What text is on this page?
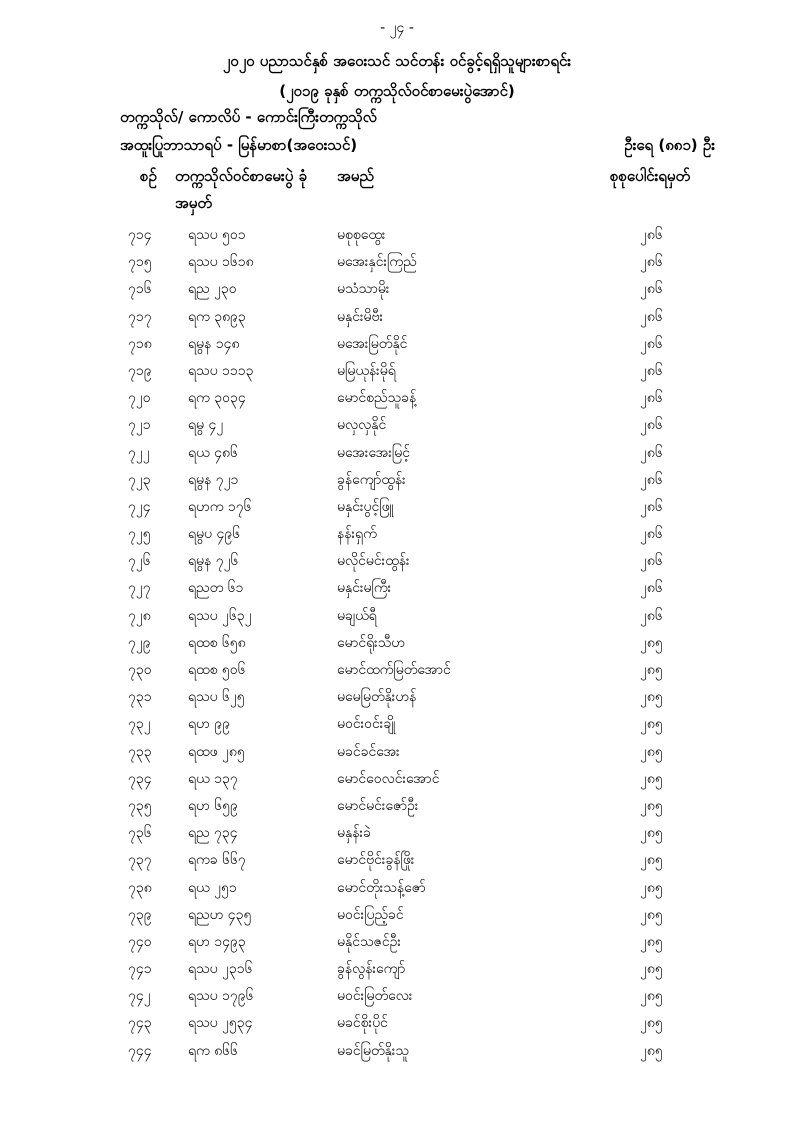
- ၂၄ -
၂၀၂၀ ပညာသင်နှစ် အဝေးသင် သင်တန်း ဝင်ခွင့်ရရှိသူများစာရင်း
(၂၀၁၉ ခုနှစ် တက္ကသိုလ်ဝင်စာမေးပွဲအောင်)
တက္ကသိုလ်/ ကောလိပ် - ကောင်းကြီးတက္ကသိုလ်
အထူးပြုဘာသာရပ် - မြန်မာစာ(အဝေးသင်)	ဦးရေ (၈၈၁) ဦး
စဉ် တက္ကသိုလ်ဝင်စာမေးပွဲ ခုံအမှတ်
အမည်	စုစုပေါင်းရမှတ်
၇၁၄	ရသပ ၅၀၁	မစုစုထွေး	၂၈၆
၇၁၅	ရသပ ၁၆၁၈	မအေးနှင်းကြည်	၂၈၆
၇၁၆	ရည ၂၃၀	မသံသာမိုး	၂၈၆
၇၁၇	ရက ၃၈၉၃	မနှင်းမိဗီး	၂၈၆
၇၁၈	ရမွန ၁၄၈	မအေးမြတ်နိုင်	၂၈၆
၇၁၉	ရသပ ၁၁၁၃	မမြယုန်းမိုရ်	၂၈၆
၇၂၀	ရက ၃၀၃၄	မောင်စည်သူခန့်	၂၈၆
၇၂၁	ရမွ ၄၂	မလှလှနိုင်	၂၈၆
၇၂၂	ရယ ၄၈၆	မအေးအေးမြင့်	၂၈၆
၇၂၃	ရမွန ၇၂၁	ခွန်ကျော်ထွန်း	၂၈၆
၇၂၄	ရဟက ၁၇၆	မနှင်းပွင့်ဖြူ	၂၈၆
၇၂၅	ရမွပ ၄၉၆	နန်းရှက်	၂၈၆
၇၂၆	ရမွန ၇၂၆	မလိုင်မင်းထွန်း	၂၈၆
၇၂၇	ရညတ ၆၁	မနှင်းမကြီး	၂၈၆
၇၂၈	ရသပ ၂၆၃၂	မချယ်ရီ	၂၈၆
၇၂၉	ရထစ ၆၅၈	မောင်ရိုးသီဟ	၂၈၅
၇၃၀	ရထစ ၅၀၆	မောင်ထက်မြတ်အောင်	၂၈၅
၇၃၁	ရသပ ၆၂၅	မမေမြတ်နိုးဟန်	၂၈၅
၇၃၂	ရဟ ၉၉	မဝင်းဝင်းချို	၂၈၅
၇၃၃	ရထဖ ၂၈၅	မခင်ခင်အေး	၂၈၅
၇၃၄	ရယ ၁၃၇	မောင်ဝေလင်းအောင်	၂၈၅
၇၃၅	ရဟ ၆၅၉	မောင်မင်းဇော်ဦး	၂၈၅
၇၃၆	ရည ၇၃၄	မနှန်းခဲ	၂၈၅
၇၃၇	ရကခ ၆၆၇	မောင်ဗိုင်းခွန်ဖြိုး	၂၈၅
၇၃၈	ရယ ၂၅၁	မောင်တိုးသန့်ဇော်	၂၈၅
၇၃၉	ရညဟ ၄၃၅	မဝင်းပြည့်ခင်	၂၈၅
၇၄၀	ရဟ ၁၄၉၃	မနိုင်သဇင်ဦး	၂၈၅
၇၄၁	ရသပ ၂၃၁၆	ခွန်လွန်းကျော်	၂၈၅
၇၄၂	ရသပ ၁၇၉၆	မဝင်းမြတ်လေး	၂၈၅
၇၄၃	ရသပ ၂၅၃၄	မခင်စိုးပိုင်	၂၈၅
၇၄၄	ရက ၈၆၆	မခင်မြတ်နိုးသူ	၂၈၅
